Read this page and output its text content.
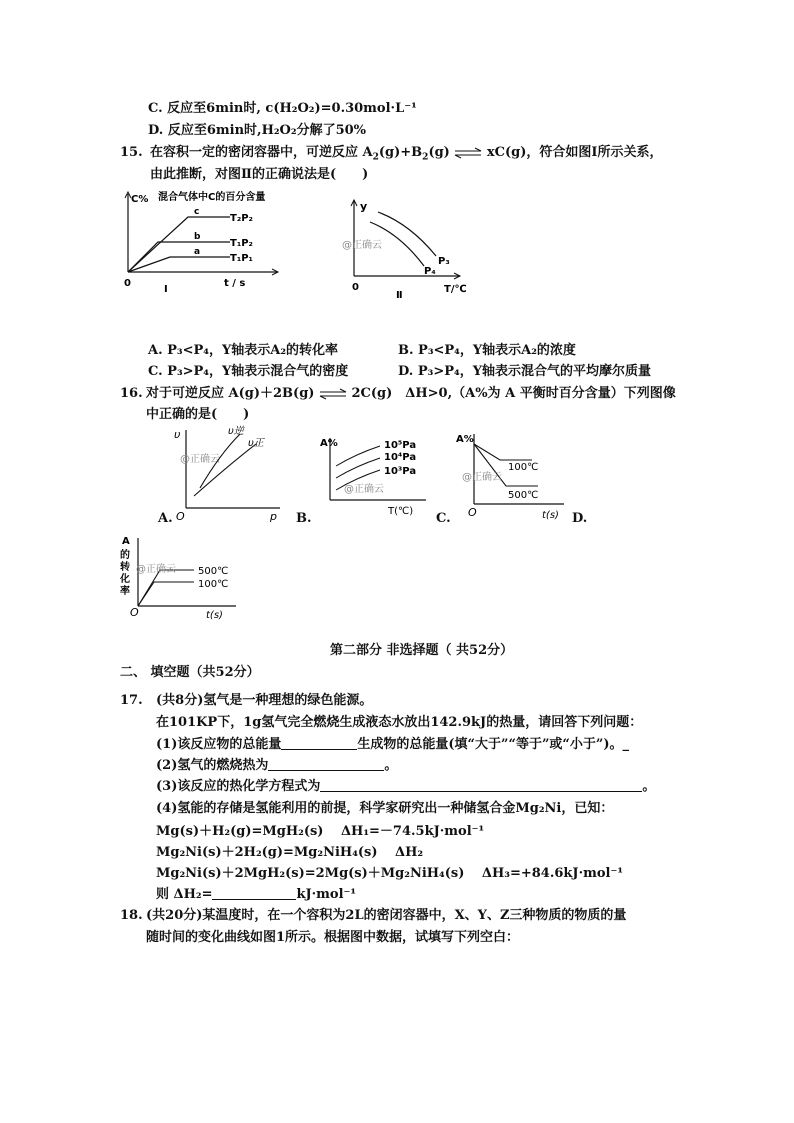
C. 反应至6min时, c(H₂O₂)=0.30mol·L⁻¹
D. 反应至6min时,H₂O₂分解了50%
15. 在容积一定的密闭容器中，可逆反应 $A_2(g)+B_2(g)$ ⇌ xC(g)，符合如图Ⅰ所示关系，
由此推断，对图Ⅱ的正确说法是(　　)
C% 混合气体中C的百分含量
c
b
a
T₂P₂
T₁P₂
T₁P₁
0	t / s
I
y
@正确云
P₃
P₄
0	T/℃
Ⅱ
A. P₃<P₄，Y轴表示A₂的转化率	B. P₃<P₄，Y轴表示A₂的浓度
C. P₃>P₄，Y轴表示混合气的密度	D. P₃>P₄，Y轴表示混合气的平均摩尔质量
16. 对于可逆反应 A(g)＋2B(g) ⇌ 2C(g)　ΔH>0,（A%为 A 平衡时百分含量）下列图像
中正确的是(　　)
υ
@正确云
υ逆
υ正
O	p
A.
A%	10⁵Pa
10⁴Pa
10³Pa
@正确云
T(℃)
B.
A%
100℃
500℃
@正确云
O	t(s)
C.	D.
A
的
转
化
率
500℃
100℃
@正确云
O	t(s)
第二部分 非选择题（ 共52分）
二、 填空题（共52分）
17. (共8分)氢气是一种理想的绿色能源。
在101KP下，1g氢气完全燃烧生成液态水放出142.9kJ的热量，请回答下列问题：
(1)该反应物的总能量	生成物的总能量(填“大于”“等于”或“小于”)。_
(2)氢气的燃烧热为	。
(3)该反应的热化学方程式为	。
(4)氢能的存储是氢能利用的前提，科学家研究出一种储氢合金Mg₂Ni，已知：
Mg(s)＋H₂(g)=MgH₂(s)　 ΔH₁=－74.5kJ·mol⁻¹
Mg₂Ni(s)＋2H₂(g)=Mg₂NiH₄(s)　 ΔH₂
Mg₂Ni(s)＋2MgH₂(s)=2Mg(s)＋Mg₂NiH₄(s)　 ΔH₃=+84.6kJ·mol⁻¹
则 ΔH₂=	kJ·mol⁻¹
18. (共20分)某温度时，在一个容积为2L的密闭容器中，X、Y、Z三种物质的物质的量
随时间的变化曲线如图1所示。根据图中数据，试填写下列空白：
